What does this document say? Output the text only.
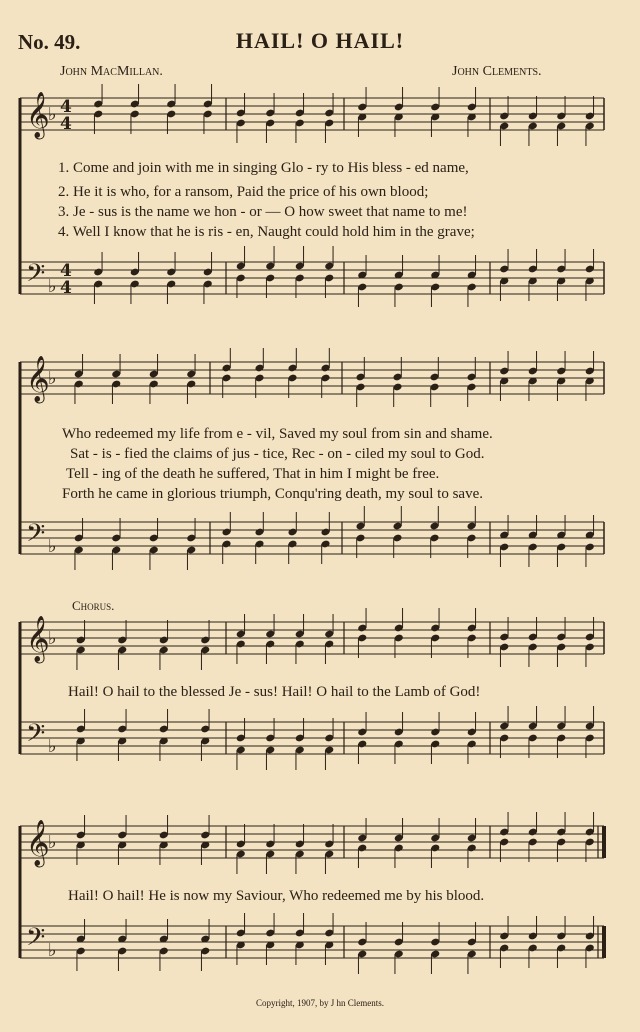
No. 49.	HAIL! O HAIL!
John MacMillan.	John Clements.
𝄞
♭ 4
4
𝄢 ♭
4
4
𝄞
♭
𝄢 ♭
𝄞
♭
𝄢 ♭
𝄞
♭
𝄢 ♭
1. Come and join with me in singing Glo - ry to His bless - ed name,
2. He it is who, for a ransom, Paid the price of his own blood;
3. Je - sus is the name we hon - or — O how sweet that name to me!
4. Well I know that he is ris - en, Naught could hold him in the grave;
Who redeemed my life from e - vil, Saved my soul from sin and shame.
Sat - is - fied the claims of jus - tice, Rec - on - ciled my soul to God.
Tell - ing of the death he suffered, That in him I might be free.
Forth he came in glorious triumph, Conqu'ring death, my soul to save.
Chorus.
Hail! O hail to the blessed Je - sus! Hail! O hail to the Lamb of God!
Hail! O hail! He is now my Saviour, Who redeemed me by his blood.
Copyright, 1907, by J hn Clements.
